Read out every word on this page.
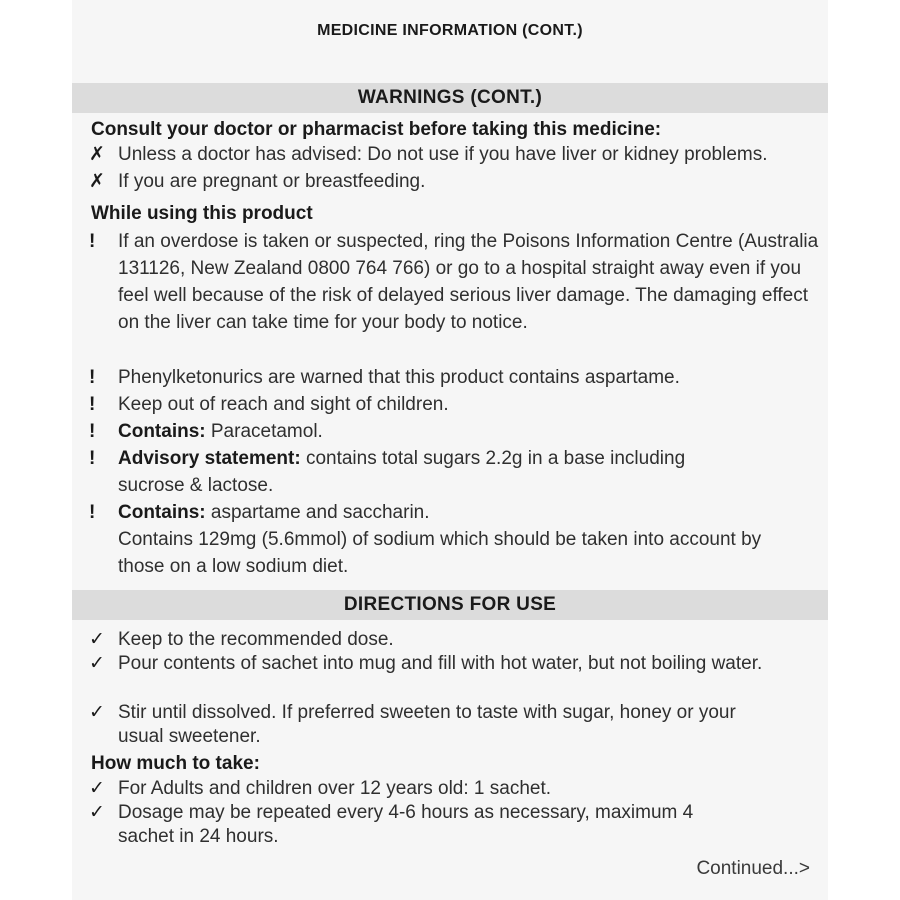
MEDICINE INFORMATION (CONT.)
WARNINGS (CONT.)
Consult your doctor or pharmacist before taking this medicine:
✗ Unless a doctor has advised: Do not use if you have liver or kidney problems.
✗ If you are pregnant or breastfeeding.
While using this product
!	If an overdose is taken or suspected, ring the Poisons Information Centre (Australia 131126, New Zealand 0800 764 766) or go to a hospital straight away even if you feel well because of the risk of delayed serious liver damage. The damaging effect on the liver can take time for your body to notice.
!	Phenylketonurics are warned that this product contains aspartame.
!	Keep out of reach and sight of children.
!	Contains: Paracetamol.
!	Advisory statement: contains total sugars 2.2g in a base including sucrose & lactose.
!	Contains: aspartame and saccharin.
Contains 129mg (5.6mmol) of sodium which should be taken into account by those on a low sodium diet.
DIRECTIONS FOR USE
✓ Keep to the recommended dose.
✓ Pour contents of sachet into mug and fill with hot water, but not boiling water.
✓ Stir until dissolved. If preferred sweeten to taste with sugar, honey or your usual sweetener.
How much to take:
✓ For Adults and children over 12 years old: 1 sachet.
✓ Dosage may be repeated every 4-6 hours as necessary, maximum 4 sachet in 24 hours.
Continued...>
